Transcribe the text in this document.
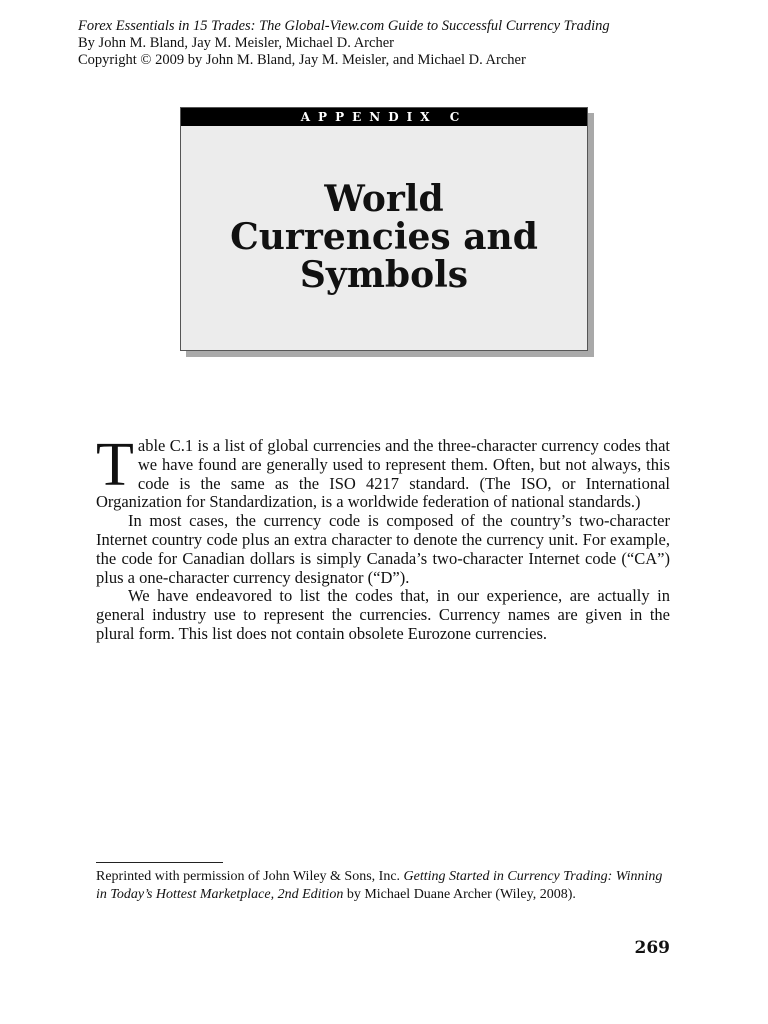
Forex Essentials in 15 Trades: The Global-View.com Guide to Successful Currency Trading
By John M. Bland, Jay M. Meisler, Michael D. Archer
Copyright © 2009 by John M. Bland, Jay M. Meisler, and Michael D. Archer
APPENDIX C
World
Currencies and
Symbols

Table C.1 is a list of global currencies and the three-character currency codes that we have found are generally used to represent them. Often, but not always, this code is the same as the ISO 4217 standard. (The ISO, or International Organization for Standardization, is a worldwide federation of national standards.)

In most cases, the currency code is composed of the country’s two-character Internet country code plus an extra character to denote the currency unit. For example, the code for Canadian dollars is simply Canada’s two-character Internet code (“CA”) plus a one-character currency designator (“D”).

We have endeavored to list the codes that, in our experience, are actually in general industry use to represent the currencies. Currency names are given in the plural form. This list does not contain obsolete Eurozone currencies.

Reprinted with permission of John Wiley & Sons, Inc. Getting Started in Currency Trading: Winning in Today’s Hottest Marketplace, 2nd Edition by Michael Duane Archer (Wiley, 2008).
269
